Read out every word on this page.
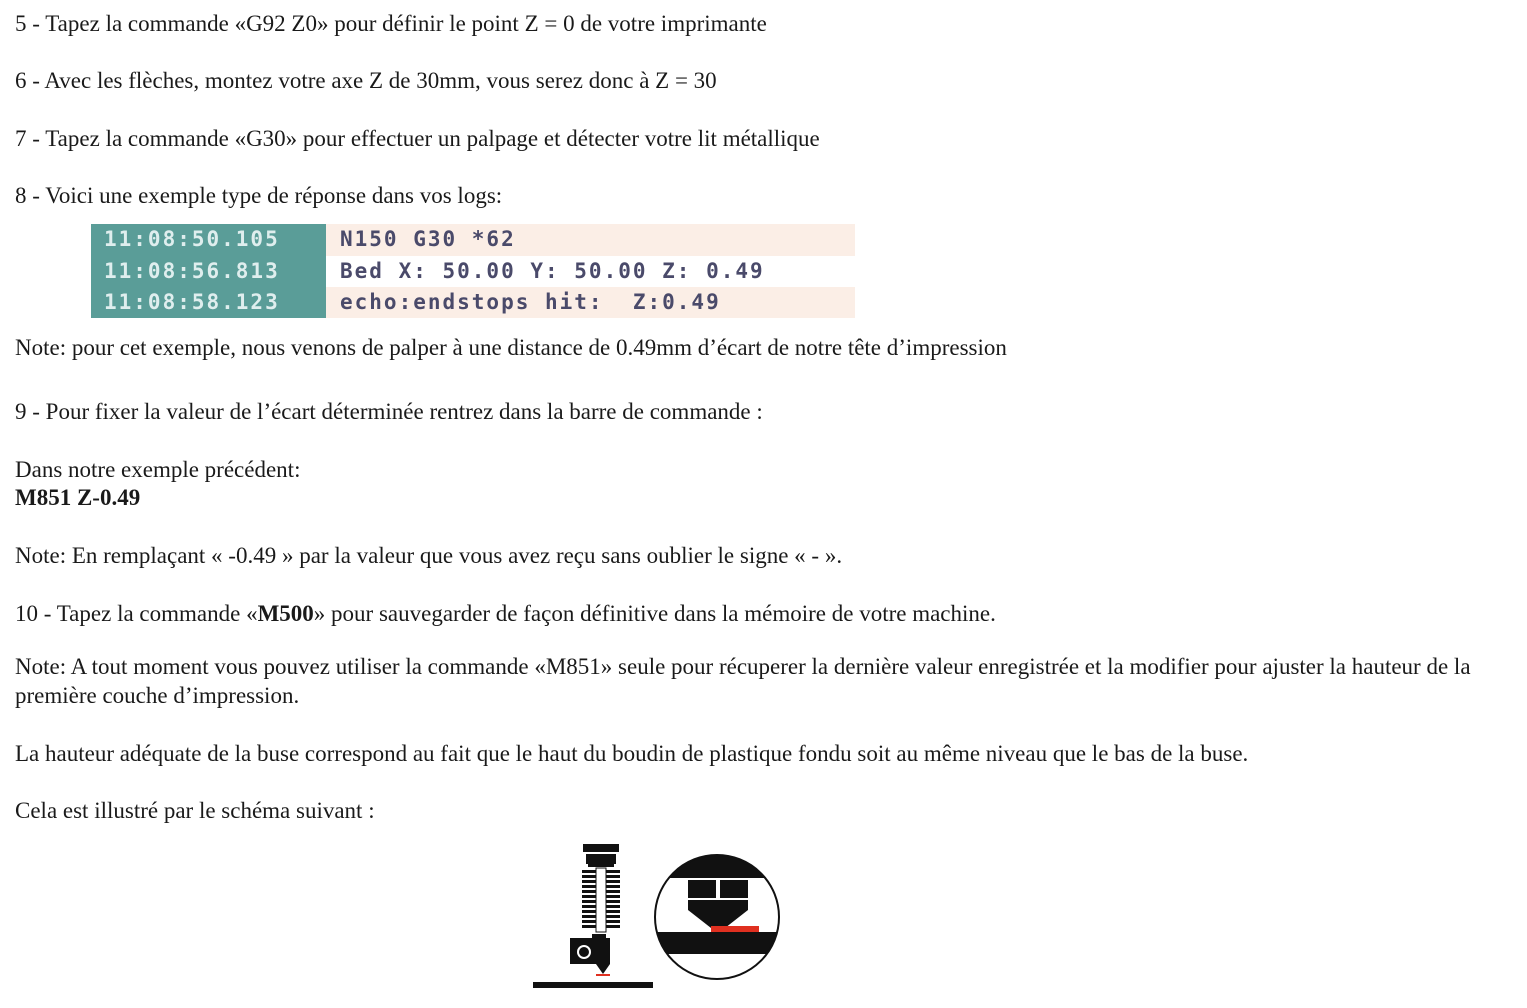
5 - Tapez la commande «G92 Z0» pour définir le point Z = 0 de votre imprimante

6 - Avec les flèches, montez votre axe Z de 30mm, vous serez donc à Z = 30

7 - Tapez la commande «G30» pour effectuer un palpage et détecter votre lit métallique

8 - Voici une exemple type de réponse dans vos logs:

11:08:50.105	N150 G30 *62
11:08:56.813	Bed X: 50.00 Y: 50.00 Z: 0.49
11:08:58.123	echo:endstops hit:  Z:0.49

Note: pour cet exemple, nous venons de palper à une distance de 0.49mm d’écart de notre tête d’impression

9 - Pour fixer la valeur de l’écart déterminée rentrez dans la barre de commande :

Dans notre exemple précédent:

M851 Z-0.49

Note: En remplaçant « -0.49 » par la valeur que vous avez reçu sans oublier le signe « - ».

10 - Tapez la commande «M500» pour sauvegarder de façon définitive dans la mémoire de votre machine.

Note: A tout moment vous pouvez utiliser la commande «M851» seule pour récuperer la dernière valeur enregistrée et la modifier pour ajuster la hauteur de la première couche d’impression.

La hauteur adéquate de la buse correspond au fait que le haut du boudin de plastique fondu soit au même niveau que le bas de la buse.

Cela est illustré par le schéma suivant :
